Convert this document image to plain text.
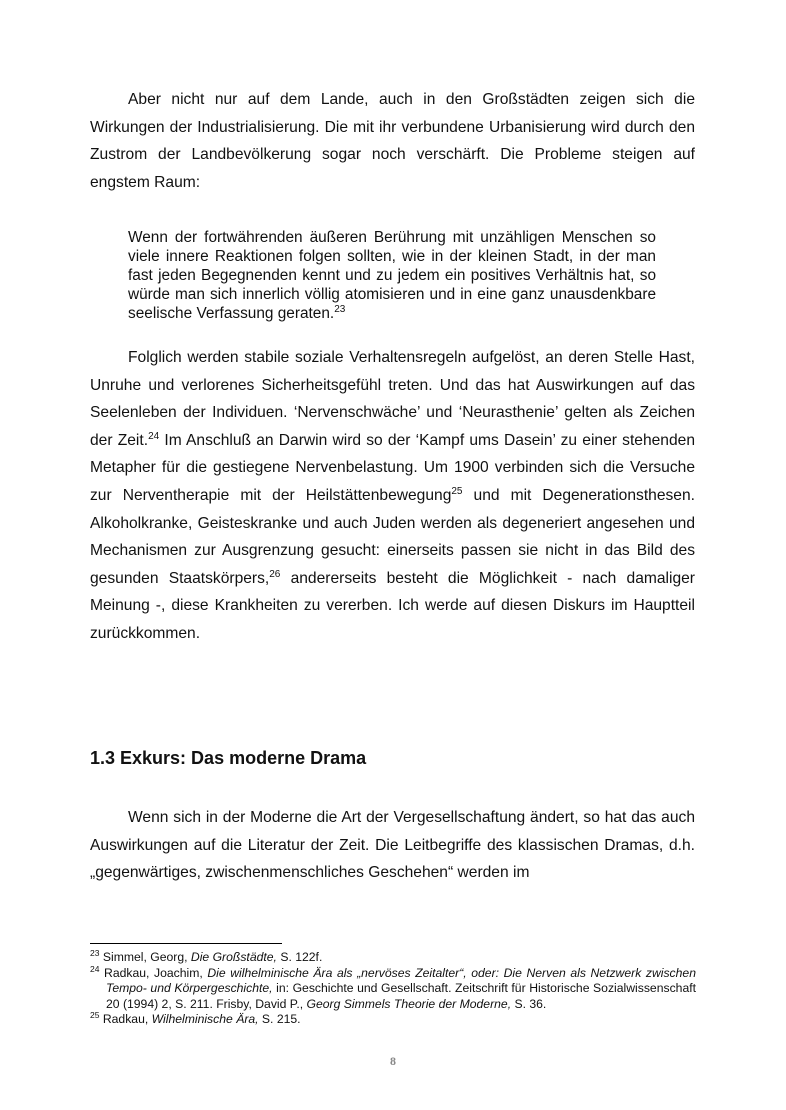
Aber nicht nur auf dem Lande, auch in den Großstädten zeigen sich die Wirkungen der Industrialisierung. Die mit ihr verbundene Urbanisierung wird durch den Zustrom der Landbevölkerung sogar noch verschärft. Die Probleme steigen auf engstem Raum:

Wenn der fortwährenden äußeren Berührung mit unzähligen Menschen so viele innere Reaktionen folgen sollten, wie in der kleinen Stadt, in der man fast jeden Begegnenden kennt und zu jedem ein positives Verhältnis hat, so würde man sich innerlich völlig atomisieren und in eine ganz unausdenkbare seelische Verfassung geraten.$^{23}$

Folglich werden stabile soziale Verhaltensregeln aufgelöst, an deren Stelle Hast, Unruhe und verlorenes Sicherheitsgefühl treten. Und das hat Auswirkungen auf das Seelenleben der Individuen. ‘Nervenschwäche’ und ‘Neurasthenie’ gelten als Zeichen der Zeit.$^{24}$ Im Anschluß an Darwin wird so der ‘Kampf ums Dasein’ zu einer stehenden Metapher für die gestiegene Nervenbelastung. Um 1900 verbinden sich die Versuche zur Nerventherapie mit der Heilstättenbewegung$^{25}$ und mit Degenerationsthesen. Alkoholkranke, Geisteskranke und auch Juden werden als degeneriert angesehen und Mechanismen zur Ausgrenzung gesucht: einerseits passen sie nicht in das Bild des gesunden Staatskörpers,$^{26}$ andererseits besteht die Möglichkeit - nach damaliger Meinung -, diese Krankheiten zu vererben. Ich werde auf diesen Diskurs im Hauptteil zurückkommen.

1.3 Exkurs: Das moderne Drama

Wenn sich in der Moderne die Art der Vergesellschaftung ändert, so hat das auch Auswirkungen auf die Literatur der Zeit. Die Leitbegriffe des klassischen Dramas, d.h. „gegenwärtiges, zwischenmenschliches Geschehen“ werden im

$^{23}$ Simmel, Georg, Die Großstädte, S. 122f.

$^{24}$ Radkau, Joachim, Die wilhelminische Ära als „nervöses Zeitalter“, oder: Die Nerven als Netzwerk zwischen Tempo- und Körpergeschichte, in: Geschichte und Gesellschaft. Zeitschrift für Historische Sozialwissenschaft 20 (1994) 2, S. 211. Frisby, David P., Georg Simmels Theorie der Moderne, S. 36.

$^{25}$ Radkau, Wilhelminische Ära, S. 215.

8
